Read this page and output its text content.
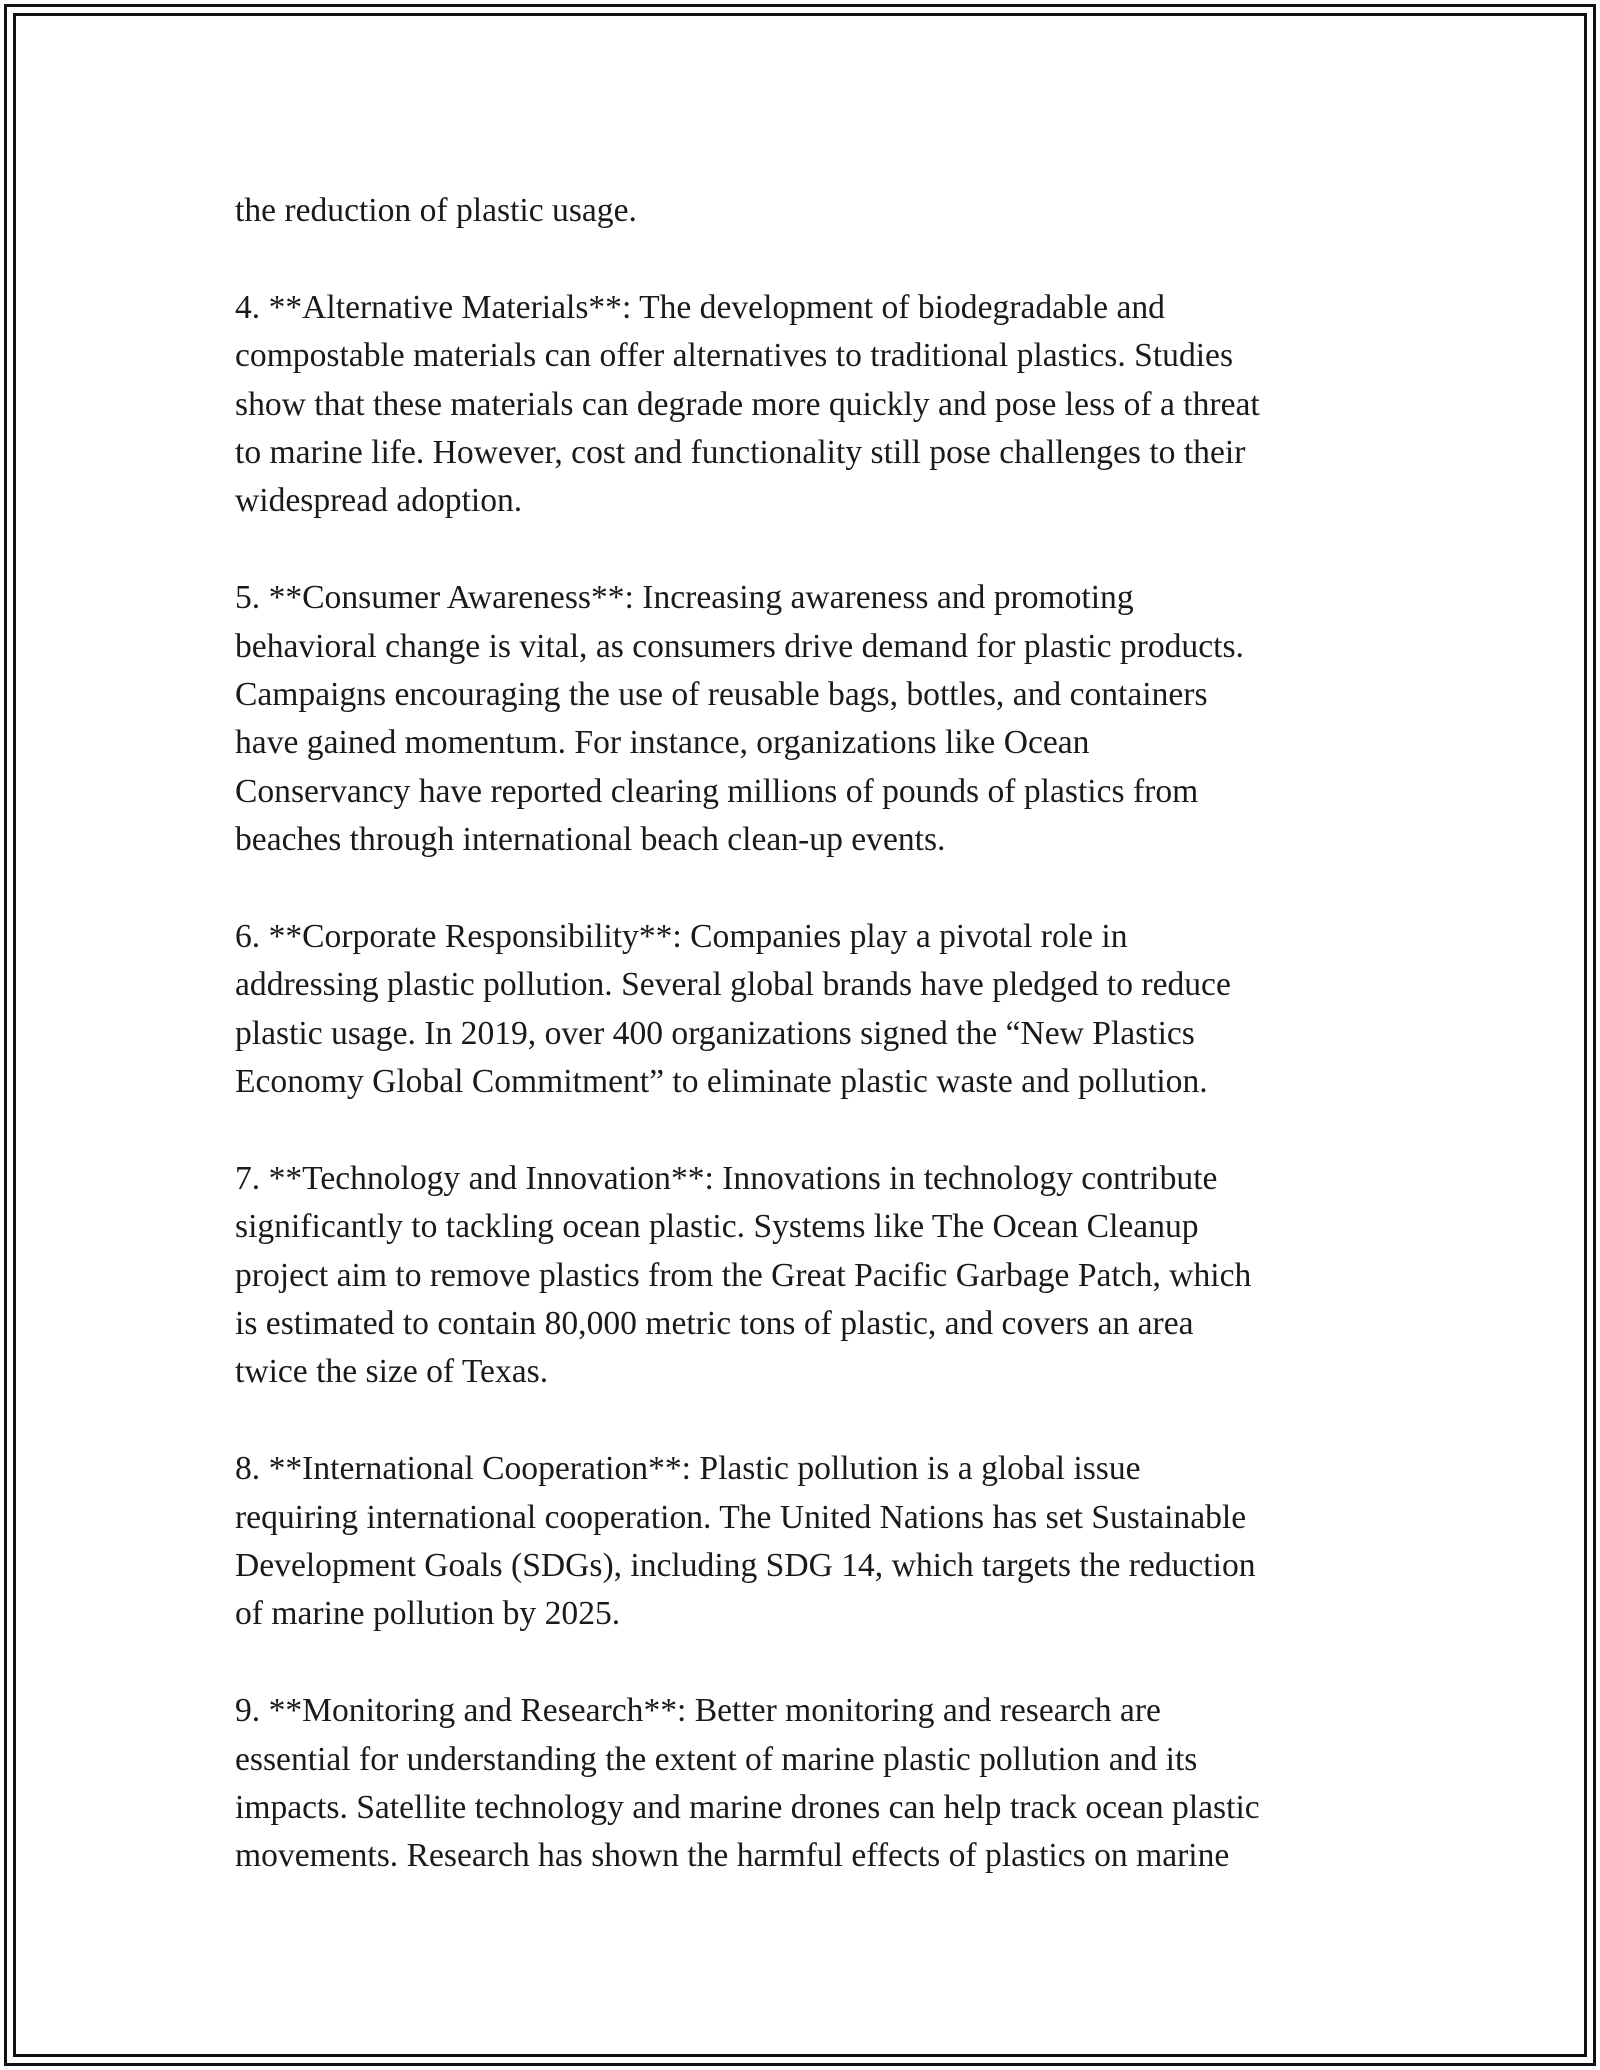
the reduction of plastic usage.
4. **Alternative Materials**: The development of biodegradable and
compostable materials can offer alternatives to traditional plastics. Studies
show that these materials can degrade more quickly and pose less of a threat
to marine life. However, cost and functionality still pose challenges to their
widespread adoption.
5. **Consumer Awareness**: Increasing awareness and promoting
behavioral change is vital, as consumers drive demand for plastic products.
Campaigns encouraging the use of reusable bags, bottles, and containers
have gained momentum. For instance, organizations like Ocean
Conservancy have reported clearing millions of pounds of plastics from
beaches through international beach clean-up events.
6. **Corporate Responsibility**: Companies play a pivotal role in
addressing plastic pollution. Several global brands have pledged to reduce
plastic usage. In 2019, over 400 organizations signed the “New Plastics
Economy Global Commitment” to eliminate plastic waste and pollution.
7. **Technology and Innovation**: Innovations in technology contribute
significantly to tackling ocean plastic. Systems like The Ocean Cleanup
project aim to remove plastics from the Great Pacific Garbage Patch, which
is estimated to contain 80,000 metric tons of plastic, and covers an area
twice the size of Texas.
8. **International Cooperation**: Plastic pollution is a global issue
requiring international cooperation. The United Nations has set Sustainable
Development Goals (SDGs), including SDG 14, which targets the reduction
of marine pollution by 2025.
9. **Monitoring and Research**: Better monitoring and research are
essential for understanding the extent of marine plastic pollution and its
impacts. Satellite technology and marine drones can help track ocean plastic
movements. Research has shown the harmful effects of plastics on marine
